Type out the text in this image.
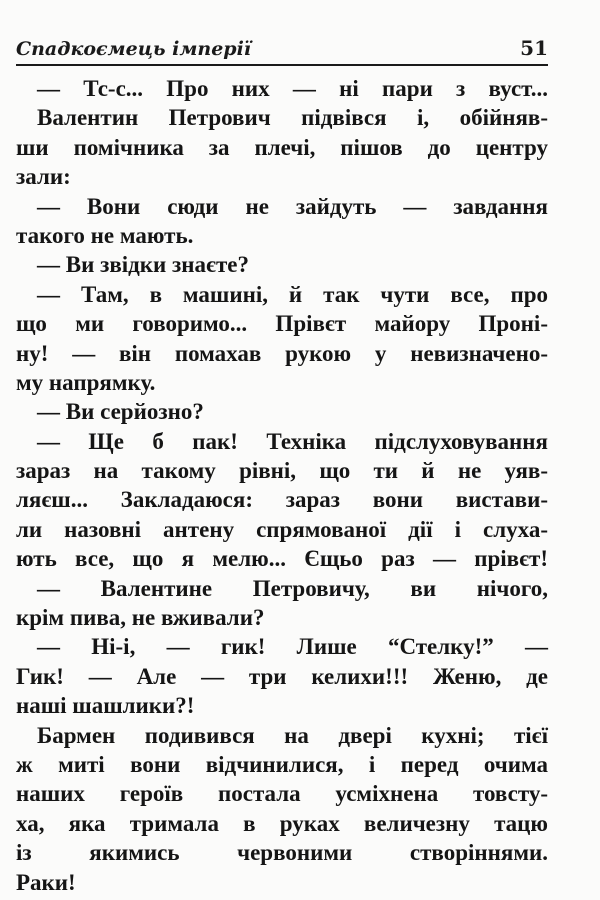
Спадкоємець імперії	51
— Тс-с... Про них — ні пари з вуст...
Валентин Петрович підвівся і, обійняв-
ши помічника за плечі, пішов до центру
зали:
— Вони сюди не зайдуть — завдання
такого не мають.
— Ви звідки знаєте?
— Там, в машині, й так чути все, про
що ми говоримо... Прівєт майору Проні-
ну! — він помахав рукою у невизначено-
му напрямку.
— Ви серйозно?
— Ще б пак! Техніка підслуховування
зараз на такому рівні, що ти й не уяв-
ляєш... Закладаюся: зараз вони вистави-
ли назовні антену спрямованої дії і слуха-
ють все, що я мелю... Єщьо раз — прівєт!
— Валентине Петровичу, ви нічого,
крім пива, не вживали?
— Ні-і, — гик! Лише “Стелку!” —
Гик! — Але — три келихи!!! Женю, де
наші шашлики?!
Бармен подивився на двері кухні; тієї
ж миті вони відчинилися, і перед очима
наших героїв постала усміхнена товсту-
ха, яка тримала в руках величезну тацю
із якимись червоними створіннями.
Раки!
